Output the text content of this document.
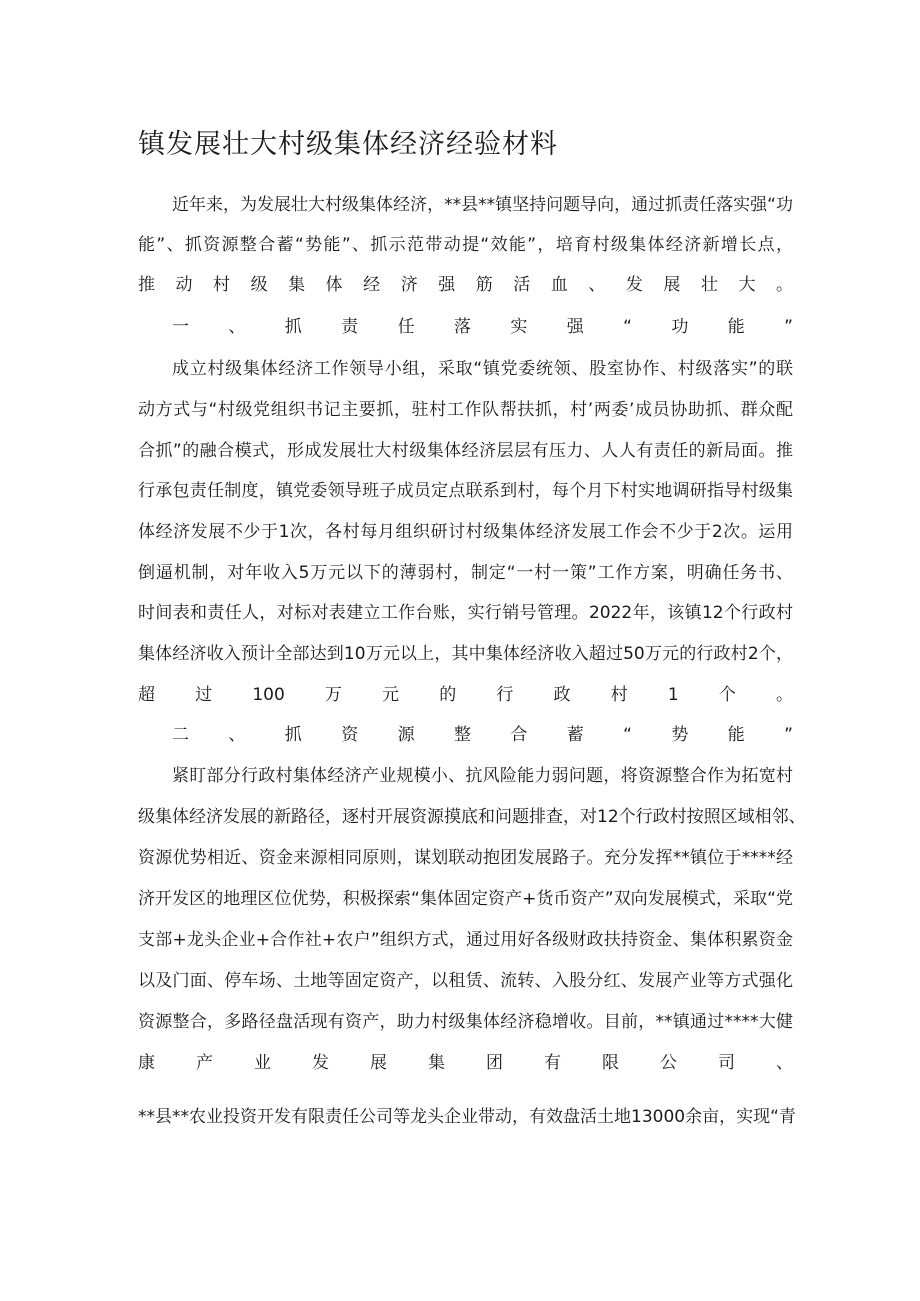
镇发展壮大村级集体经济经验材料
近年来，为发展壮大村级集体经济，**县**镇坚持问题导向，通过抓责任落实强“功
能”、抓资源整合蓄“势能”、抓示范带动提“效能”，培育村级集体经济新增长点，
推动村级集体经济强筋活血、发展壮大。
一、抓责任落实强“功能”
成立村级集体经济工作领导小组，采取“镇党委统领、股室协作、村级落实”的联
动方式与“村级党组织书记主要抓，驻村工作队帮扶抓，村’两委’成员协助抓、群众配
合抓”的融合模式，形成发展壮大村级集体经济层层有压力、人人有责任的新局面。推
行承包责任制度，镇党委领导班子成员定点联系到村，每个月下村实地调研指导村级集
体经济发展不少于1次，各村每月组织研讨村级集体经济发展工作会不少于2次。运用
倒逼机制，对年收入5万元以下的薄弱村，制定“一村一策”工作方案，明确任务书、
时间表和责任人，对标对表建立工作台账，实行销号管理。2022年，该镇12个行政村
集体经济收入预计全部达到10万元以上，其中集体经济收入超过50万元的行政村2个，
超过100万元的行政村1个。
二、抓资源整合蓄“势能”
紧盯部分行政村集体经济产业规模小、抗风险能力弱问题，将资源整合作为拓宽村
级集体经济发展的新路径，逐村开展资源摸底和问题排查，对12个行政村按照区域相邻、
资源优势相近、资金来源相同原则，谋划联动抱团发展路子。充分发挥**镇位于****经
济开发区的地理区位优势，积极探索“集体固定资产+货币资产”双向发展模式，采取“党
支部+龙头企业+合作社+农户”组织方式，通过用好各级财政扶持资金、集体积累资金
以及门面、停车场、土地等固定资产，以租赁、流转、入股分红、发展产业等方式强化
资源整合，多路径盘活现有资产，助力村级集体经济稳增收。目前，**镇通过****大健
康产业发展集团有限公司、
**县**农业投资开发有限责任公司等龙头企业带动，有效盘活土地13000余亩，实现“青
